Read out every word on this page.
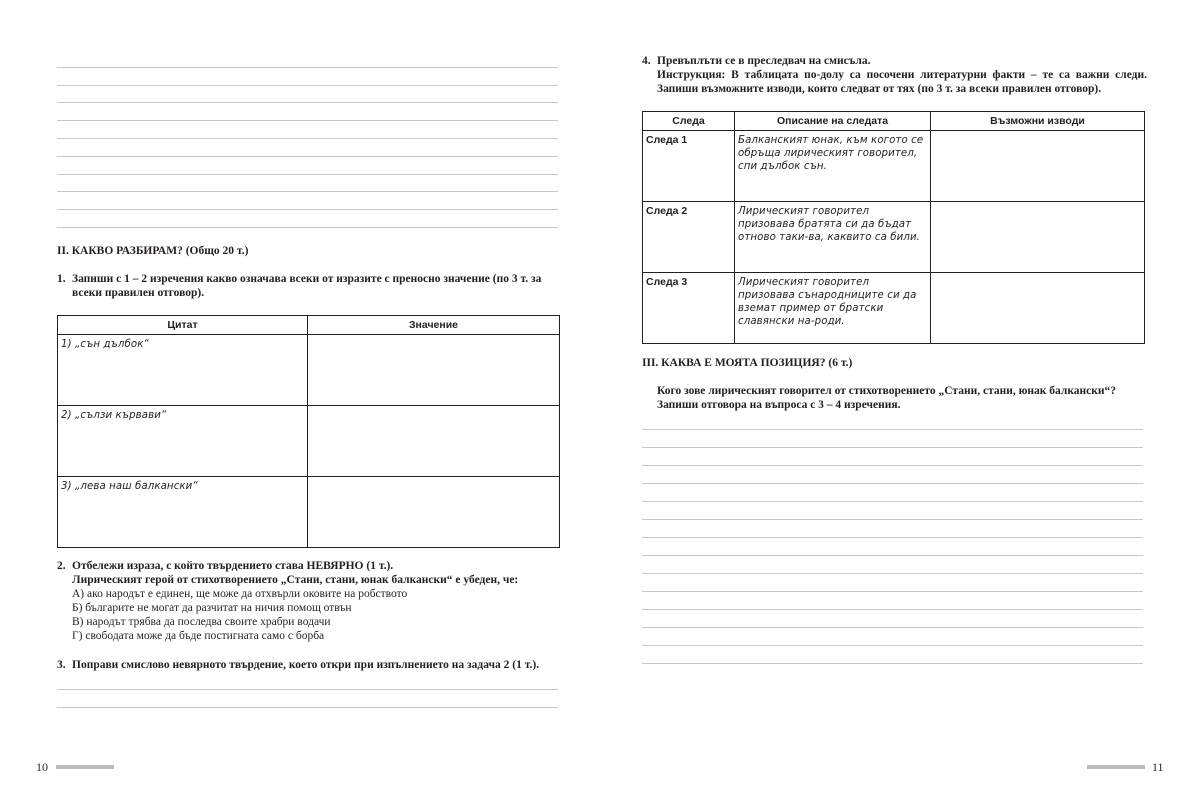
II. КАКВО РАЗБИРАМ? (Общо 20 т.)
1. Запиши с 1 – 2 изречения какво означава всеки от изразите с преносно значение (по 3 т. за всеки правилен отговор).
Цитат	Значение
1) „сън дълбок“	
2) „сълзи кървави“	
3) „лева наш балкански“	
2. Отбележи израза, с който твърдението става НЕВЯРНО (1 т.).
Лирическият герой от стихотворението „Стани, стани, юнак балкански“ е убеден, че:
А) ако народът е единен, ще може да отхвърли оковите на робството
Б) българите не могат да разчитат на ничия помощ отвън
В) народът трябва да последва своите храбри водачи
Г) свободата може да бъде постигната само с борба
3. Поправи смислово невярното твърдение, което откри при изпълнението на задача 2 (1 т.).
10
4. Превъплъти се в преследвач на смисъла.
Инструкция: В таблицата по-долу са посочени литературни факти – те са важни следи. Запиши възможните изводи, които следват от тях (по 3 т. за всеки правилен отговор).
Следа	Описание на следата	Възможни изводи
Следа 1	Балканският юнак, към когото се обръща лирическият говорител, спи дълбок сън.	
Следа 2	Лирическият говорител призовава братята си да бъдат отново таки-ва, каквито са били.	
Следа 3	Лирическият говорител призовава сънародниците си да вземат пример от братски славянски на-роди.	
III. КАКВА Е МОЯТА ПОЗИЦИЯ? (6 т.)
Кого зове лирическият говорител от стихотворението „Стани, стани, юнак балкански“?
Запиши отговора на въпроса с 3 – 4 изречения.
11
